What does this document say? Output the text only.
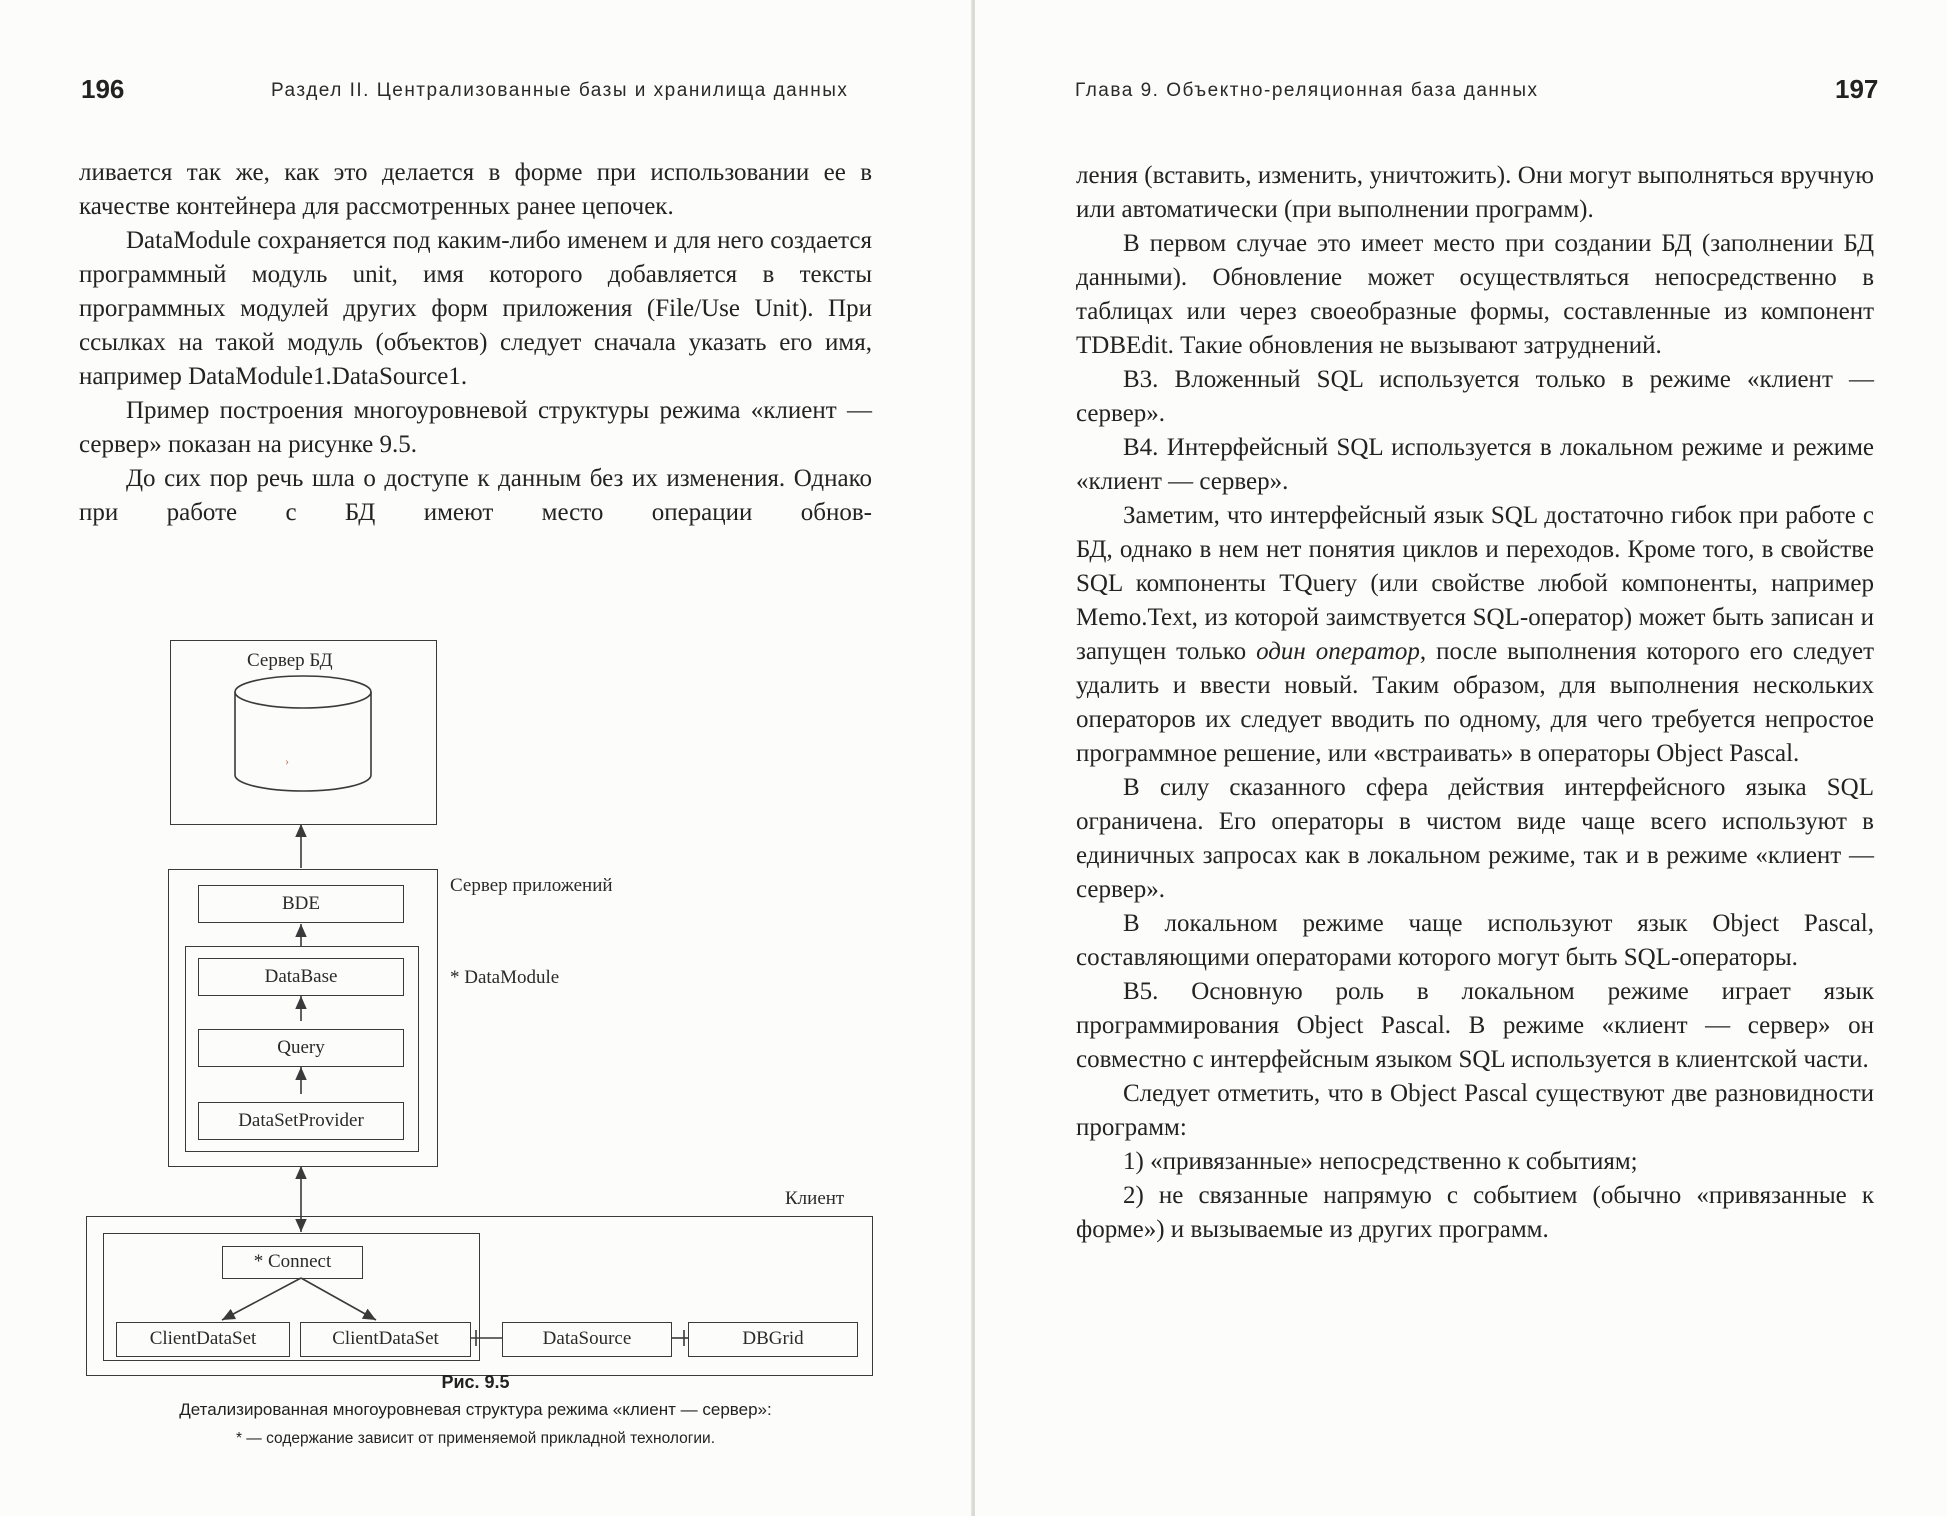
196	Раздел II. Централизованные базы и хранилища данных

ливается так же, как это делается в форме при использовании ее в качестве контейнера для рассмотренных ранее цепочек.

DataModule сохраняется под каким-либо именем и для него создается программный модуль unit, имя которого добавляется в тексты программных модулей других форм приложения (File/Use Unit). При ссылках на такой модуль (объектов) следует сначала указать его имя, например DataModule1.DataSource1.

Пример построения многоуровневой структуры режима «клиент — сервер» показан на рисунке 9.5.

До сих пор речь шла о доступе к данным без их изменения. Однако при работе с БД имеют место операции обнов-

›
Сервер БД
Сервер приложений
BDE
* DataModule
DataBase
Query
DataSetProvider
Клиент
* Connect
ClientDataSet	ClientDataSet	DataSource	DBGrid
Рис. 9.5
Детализированная многоуровневая структура режима «клиент — сервер»:
* — содержание зависит от применяемой прикладной технологии.
Глава 9. Объектно-реляционная база данных	197

ления (вставить, изменить, уничтожить). Они могут выполняться вручную или автоматически (при выполнении программ).

В первом случае это имеет место при создании БД (заполнении БД данными). Обновление может осуществляться непосредственно в таблицах или через своеобразные формы, составленные из компонент TDBEdit. Такие обновления не вызывают затруднений.

В3. Вложенный SQL используется только в режиме «клиент — сервер».

В4. Интерфейсный SQL используется в локальном режиме и режиме «клиент — сервер».

Заметим, что интерфейсный язык SQL достаточно гибок при работе с БД, однако в нем нет понятия циклов и переходов. Кроме того, в свойстве SQL компоненты TQuery (или свойстве любой компоненты, например Memo.Text, из которой заимствуется SQL-оператор) может быть записан и запущен только один оператор, после выполнения которого его следует удалить и ввести новый. Таким образом, для выполнения нескольких операторов их следует вводить по одному, для чего требуется непростое программное решение, или «встраивать» в операторы Object Pascal.

В силу сказанного сфера действия интерфейсного языка SQL ограничена. Его операторы в чистом виде чаще всего используют в единичных запросах как в локальном режиме, так и в режиме «клиент — сервер».

В локальном режиме чаще используют язык Object Pascal, составляющими операторами которого могут быть SQL-операторы.

В5. Основную роль в локальном режиме играет язык программирования Object Pascal. В режиме «клиент — сервер» он совместно с интерфейсным языком SQL используется в клиентской части.

Следует отметить, что в Object Pascal существуют две разновидности программ:

1) «привязанные» непосредственно к событиям;

2) не связанные напрямую с событием (обычно «привязанные к форме») и вызываемые из других программ.
